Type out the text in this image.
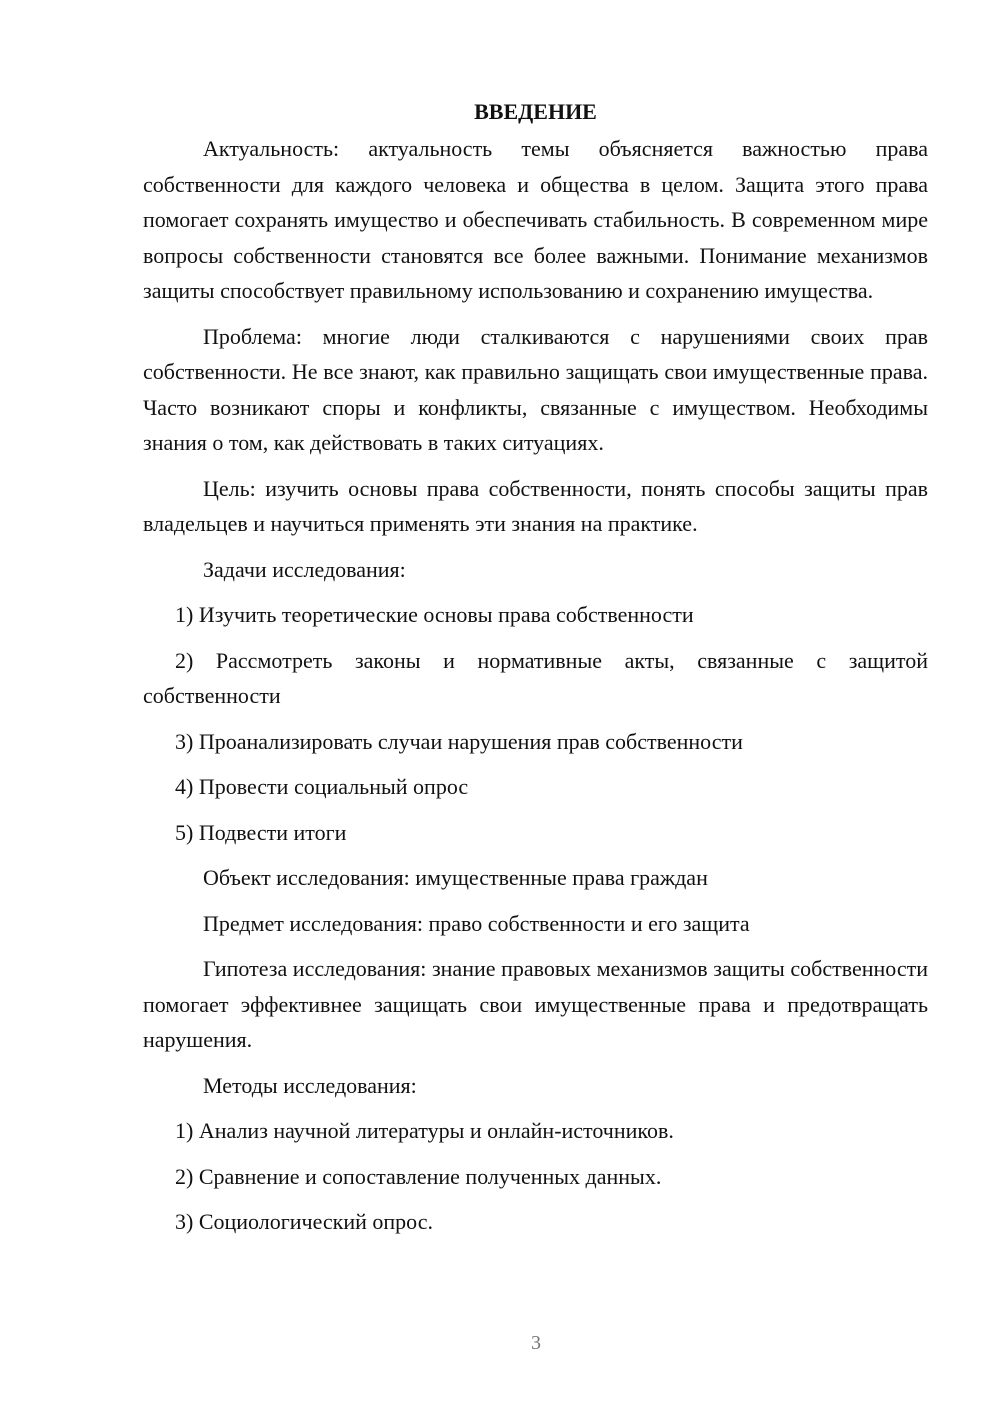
ВВЕДЕНИЕ

Актуальность: актуальность темы объясняется важностью права собственности для каждого человека и общества в целом. Защита этого права помогает сохранять имущество и обеспечивать стабильность. В современном мире вопросы собственности становятся все более важными. Понимание механизмов защиты способствует правильному использованию и сохранению имущества.

Проблема: многие люди сталкиваются с нарушениями своих прав собственности. Не все знают, как правильно защищать свои имущественные права. Часто возникают споры и конфликты, связанные с имуществом. Необходимы знания о том, как действовать в таких ситуациях.

Цель: изучить основы права собственности, понять способы защиты прав владельцев и научиться применять эти знания на практике.

Задачи исследования:

1) Изучить теоретические основы права собственности

2) Рассмотреть законы и нормативные акты, связанные с защитой собственности

3) Проанализировать случаи нарушения прав собственности

4) Провести социальный опрос

5) Подвести итоги

Объект исследования: имущественные права граждан

Предмет исследования: право собственности и его защита

Гипотеза исследования: знание правовых механизмов защиты собственности помогает эффективнее защищать свои имущественные права и предотвращать нарушения.

Методы исследования:

1) Анализ научной литературы и онлайн-источников.

2) Сравнение и сопоставление полученных данных.

3) Социологический опрос.

3
